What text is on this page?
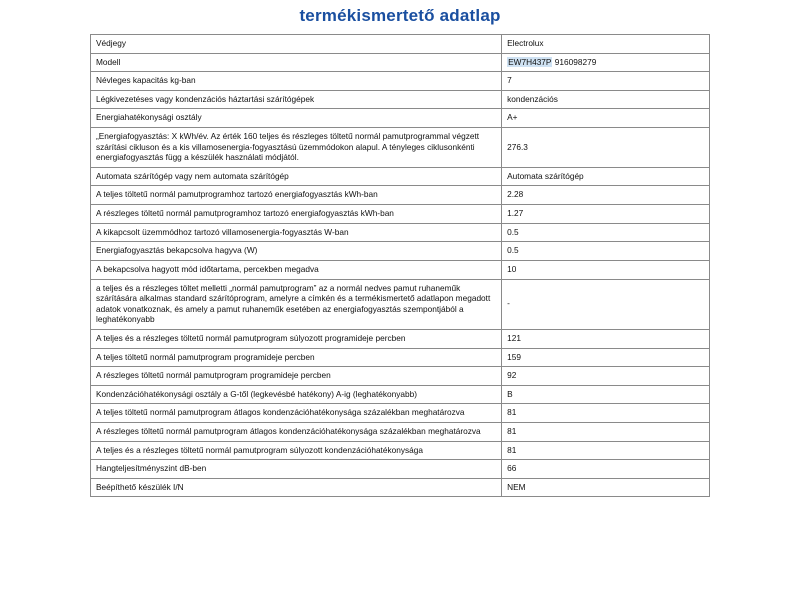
termékismertető adatlap
Védjegy	Electrolux
Modell	EW7H437P 916098279
Névleges kapacitás kg-ban	7
Légkivezetéses vagy kondenzációs háztartási szárítógépek	kondenzációs
Energiahatékonysági osztály	A+
„Energiafogyasztás: X kWh/év. Az érték 160 teljes és részleges töltetű normál pamutprogrammal végzett szárítási cikluson és a kis villamosenergia-fogyasztású üzemmódokon alapul. A tényleges ciklusonkénti energiafogyasztás függ a készülék használati módjától.	276.3
Automata szárítógép vagy nem automata szárítógép	Automata szárítógép
A teljes töltetű normál pamutprogramhoz tartozó energiafogyasztás kWh-ban	2.28
A részleges töltetű normál pamutprogramhoz tartozó energiafogyasztás kWh-ban	1.27
A kikapcsolt üzemmódhoz tartozó villamosenergia-fogyasztás W-ban	0.5
Energiafogyasztás bekapcsolva hagyva (W)	0.5
A bekapcsolva hagyott mód időtartama, percekben megadva	10
a teljes és a részleges töltet melletti „normál pamutprogram” az a normál nedves pamut ruhaneműk szárítására alkalmas standard szárítóprogram, amelyre a címkén és a termékismertető adatlapon megadott adatok vonatkoznak, és amely a pamut ruhaneműk esetében az energiafogyasztás szempontjából a leghatékonyabb	-
A teljes és a részleges töltetű normál pamutprogram súlyozott programideje percben	121
A teljes töltetű normál pamutprogram programideje percben	159
A részleges töltetű normál pamutprogram programideje percben	92
Kondenzációhatékonysági osztály a G-től (legkevésbé hatékony) A-ig (leghatékonyabb)	B
A teljes töltetű normál pamutprogram átlagos kondenzációhatékonysága százalékban meghatározva	81
A részleges töltetű normál pamutprogram átlagos kondenzációhatékonysága százalékban meghatározva	81
A teljes és a részleges töltetű normál pamutprogram súlyozott kondenzációhatékonysága	81
Hangteljesítményszint dB-ben	66
Beépíthető készülék I/N	NEM
